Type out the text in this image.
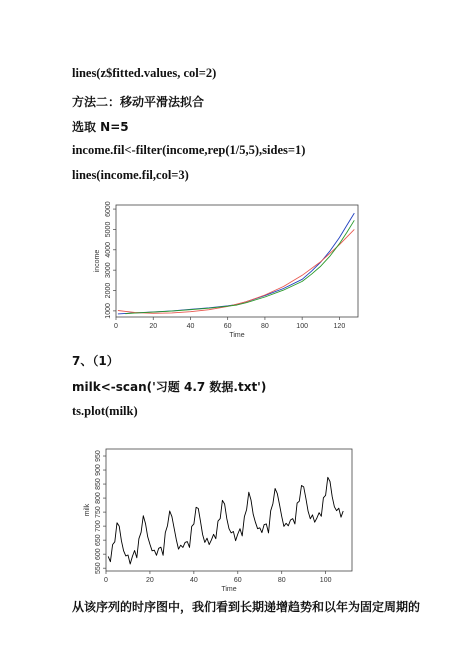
lines(z$fitted.values, col=2)
方法二：移动平滑法拟合
选取 N=5
income.fil<-filter(income,rep(1/5,5),sides=1)
lines(income.fil,col=3)
0	20	40	60	80	100	120
1000
2000
3000
4000
5000
6000
Time
income
7、（1）
milk<-scan('习题 4.7 数据.txt')
ts.plot(milk)
0	20	40	60	80	100
550
600
650
700
750
800
850
900
950
Time
milk
从该序列的时序图中，我们看到长期递增趋势和以年为固定周期的
